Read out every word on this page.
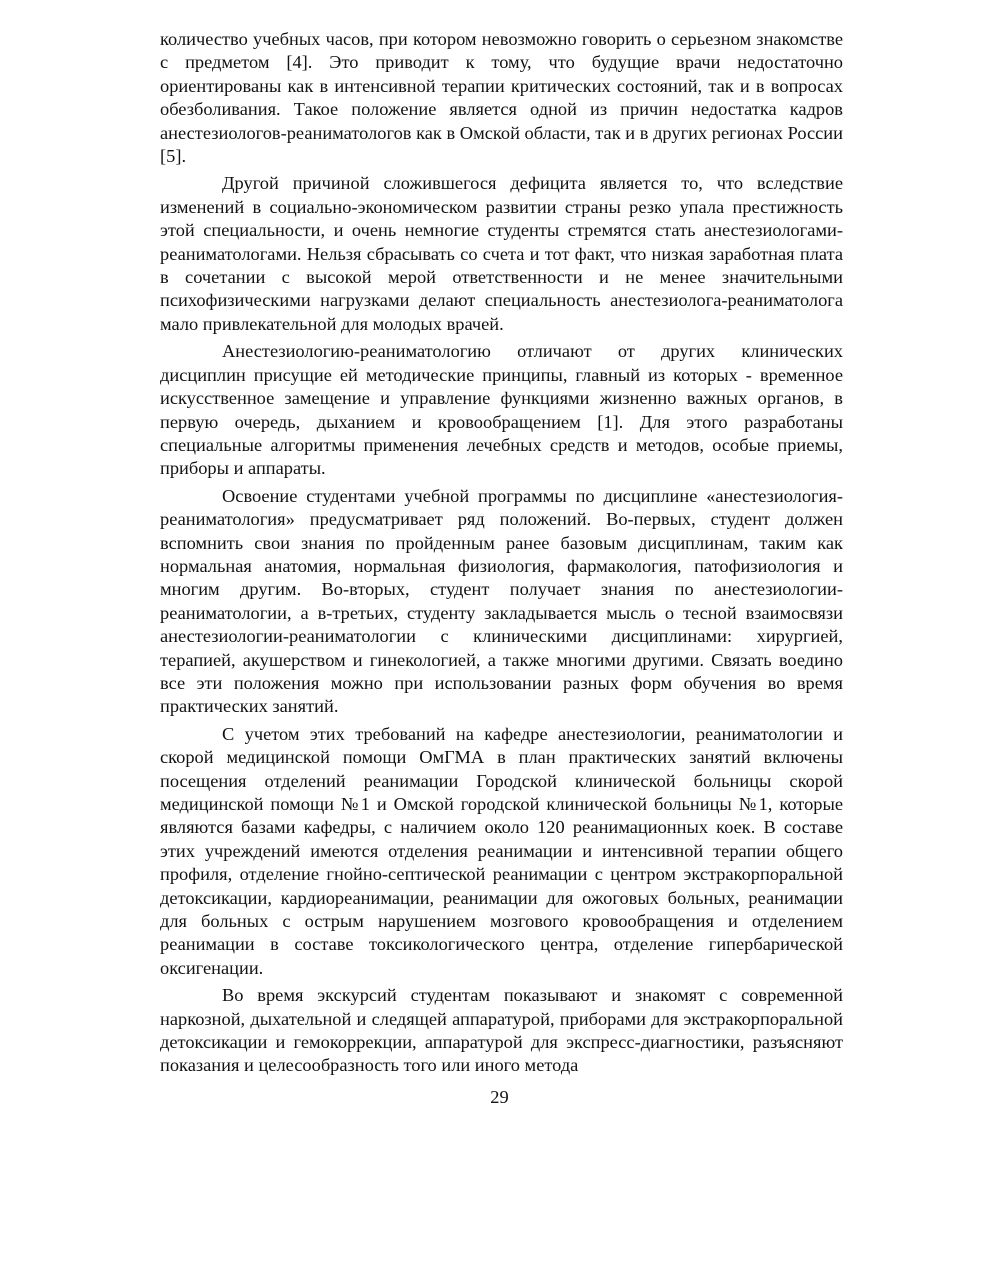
количество учебных часов, при котором невозможно говорить о серьезном знакомстве с предметом [4]. Это приводит к тому, что будущие врачи недостаточно ориентированы как в интенсивной терапии критических состояний, так и в вопросах обезболивания. Такое положение является одной из причин недостатка кадров анестезиологов-реаниматологов как в Омской области, так и в других регионах России [5].

Другой причиной сложившегося дефицита является то, что вследствие изменений в социально-экономическом развитии страны резко упала престижность этой специальности, и очень немногие студенты стремятся стать анестезиологами-реаниматологами. Нельзя сбрасывать со счета и тот факт, что низкая заработная плата в сочетании с высокой мерой ответственности и не менее значительными психофизическими нагрузками делают специальность анестезиолога-реаниматолога мало привлекательной для молодых врачей.

Анестезиологию-реаниматологию отличают от других клинических дисциплин присущие ей методические принципы, главный из которых - временное искусственное замещение и управление функциями жизненно важных органов, в первую очередь, дыханием и кровообращением [1]. Для этого разработаны специальные алгоритмы применения лечебных средств и методов, особые приемы, приборы и аппараты.

Освоение студентами учебной программы по дисциплине «анестезиология-реаниматология» предусматривает ряд положений. Во-первых, студент должен вспомнить свои знания по пройденным ранее базовым дисциплинам, таким как нормальная анатомия, нормальная физиология, фармакология, патофизиология и многим другим. Во-вторых, студент получает знания по анестезиологии-реаниматологии, а в-третьих, студенту закладывается мысль о тесной взаимосвязи анестезиологии-реаниматологии с клиническими дисциплинами: хирургией, терапией, акушерством и гинекологией, а также многими другими. Связать воедино все эти положения можно при использовании разных форм обучения во время практических занятий.

С учетом этих требований на кафедре анестезиологии, реаниматологии и скорой медицинской помощи ОмГМА в план практических занятий включены посещения отделений реанимации Городской клинической больницы скорой медицинской помощи №1 и Омской городской клинической больницы №1, которые являются базами кафедры, с наличием около 120 реанимационных коек. В составе этих учреждений имеются отделения реанимации и интенсивной терапии общего профиля, отделение гнойно-септической реанимации с центром экстракорпоральной детоксикации, кардиореанимации, реанимации для ожоговых больных, реанимации для больных с острым нарушением мозгового кровообращения и отделением реанимации в составе токсикологического центра, отделение гипербарической оксигенации.

Во время экскурсий студентам показывают и знакомят с современной наркозной, дыхательной и следящей аппаратурой, приборами для экстракорпоральной детоксикации и гемокоррекции, аппаратурой для экспресс-диагностики, разъясняют показания и целесообразность того или иного метода

29
